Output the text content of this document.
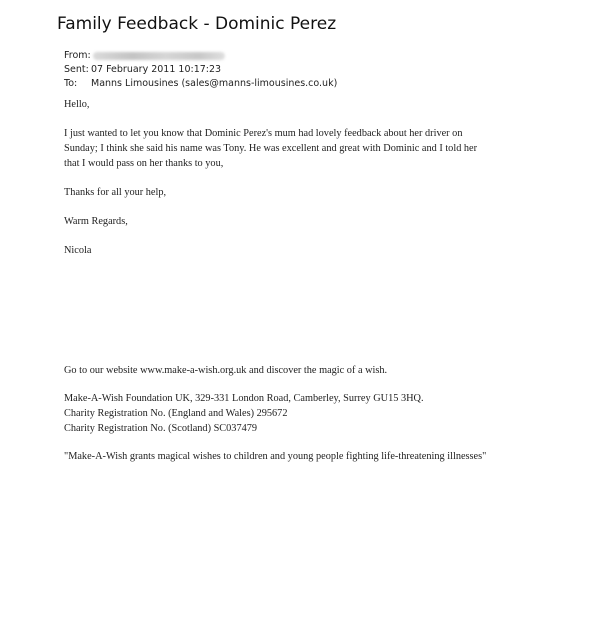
Family Feedback - Dominic Perez
From:
Sent: 07 February 2011 10:17:23
To:	Manns Limousines (sales@manns-limousines.co.uk)
Hello,
I just wanted to let you know that Dominic Perez's mum had lovely feedback about her driver on
Sunday; I think she said his name was Tony. He was excellent and great with Dominic and I told her
that I would pass on her thanks to you,
Thanks for all your help,
Warm Regards,
Nicola
Go to our website www.make-a-wish.org.uk and discover the magic of a wish.
Make-A-Wish Foundation UK, 329-331 London Road, Camberley, Surrey GU15 3HQ.
Charity Registration No. (England and Wales) 295672
Charity Registration No. (Scotland) SC037479
"Make-A-Wish grants magical wishes to children and young people fighting life-threatening illnesses"
